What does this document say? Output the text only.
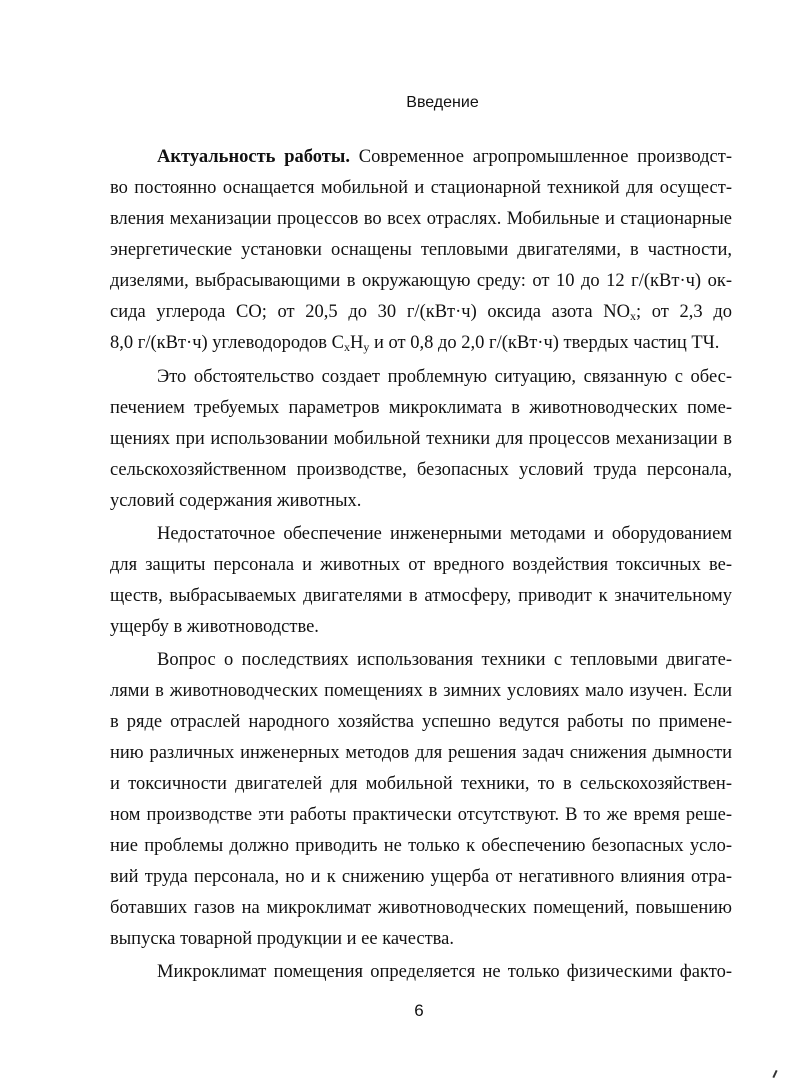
Введение
Актуальность работы. Современное агропромышленное производст-
во постоянно оснащается мобильной и стационарной техникой для осущест-
вления механизации процессов во всех отраслях. Мобильные и стационарные
энергетические установки оснащены тепловыми двигателями, в частности,
дизелями, выбрасывающими в окружающую среду: от 10 до 12 г/(кВт·ч) ок-
сида углерода СО; от 20,5 до 30 г/(кВт·ч) оксида азота $NO_x$; от 2,3 до
8,0 г/(кВт·ч) углеводородов $C_xH_y$ и от 0,8 до 2,0 г/(кВт·ч) твердых частиц ТЧ.
Это обстоятельство создает проблемную ситуацию, связанную с обес-
печением требуемых параметров микроклимата в животноводческих поме-
щениях при использовании мобильной техники для процессов механизации в
сельскохозяйственном производстве, безопасных условий труда персонала,
условий содержания животных.
Недостаточное обеспечение инженерными методами и оборудованием
для защиты персонала и животных от вредного воздействия токсичных ве-
ществ, выбрасываемых двигателями в атмосферу, приводит к значительному
ущербу в животноводстве.
Вопрос о последствиях использования техники с тепловыми двигате-
лями в животноводческих помещениях в зимних условиях мало изучен. Если
в ряде отраслей народного хозяйства успешно ведутся работы по примене-
нию различных инженерных методов для решения задач снижения дымности
и токсичности двигателей для мобильной техники, то в сельскохозяйствен-
ном производстве эти работы практически отсутствуют. В то же время реше-
ние проблемы должно приводить не только к обеспечению безопасных усло-
вий труда персонала, но и к снижению ущерба от негативного влияния отра-
ботавших газов на микроклимат животноводческих помещений, повышению
выпуска товарной продукции и ее качества.
Микроклимат помещения определяется не только физическими факто-
6
